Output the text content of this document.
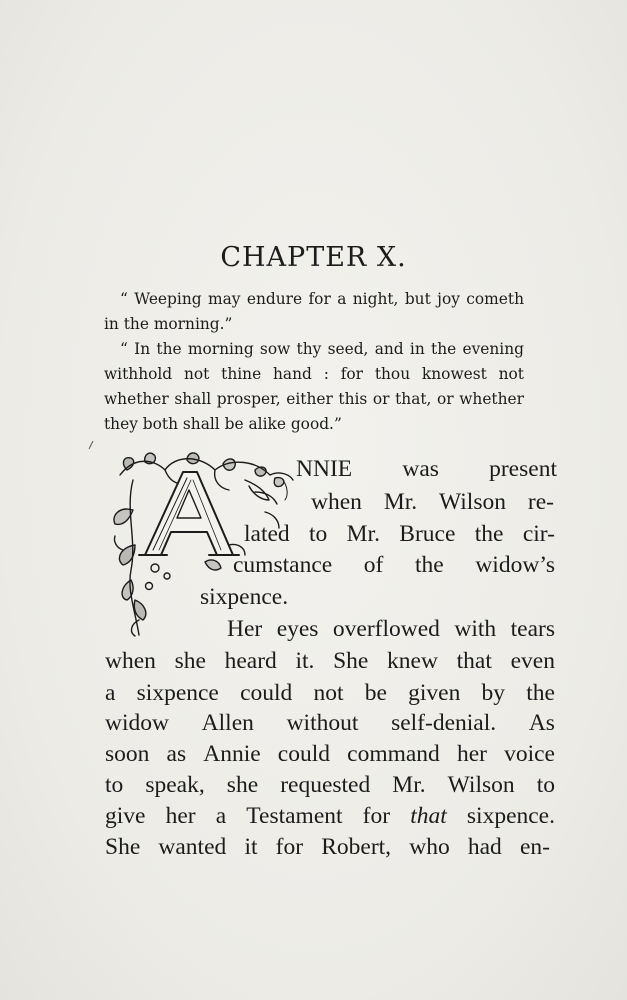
CHAPTER X.

“ Weeping may endure for a night, but joy cometh in the morning.”

“ In the morning sow thy seed, and in the evening withhold not thine hand : for thou knowest not whether shall prosper, either this or that, or whether they both shall be alike good.”

NNIE was present
when Mr. Wilson re-
lated to Mr. Bruce the cir-
cumstance of the widow’s
sixpence.
Her eyes overflowed with tears
when she heard it. She knew that even
a sixpence could not be given by the
widow Allen without self-denial. As
soon as Annie could command her voice
to speak, she requested Mr. Wilson to
give her a Testament for that sixpence.
She wanted it for Robert, who had en-
